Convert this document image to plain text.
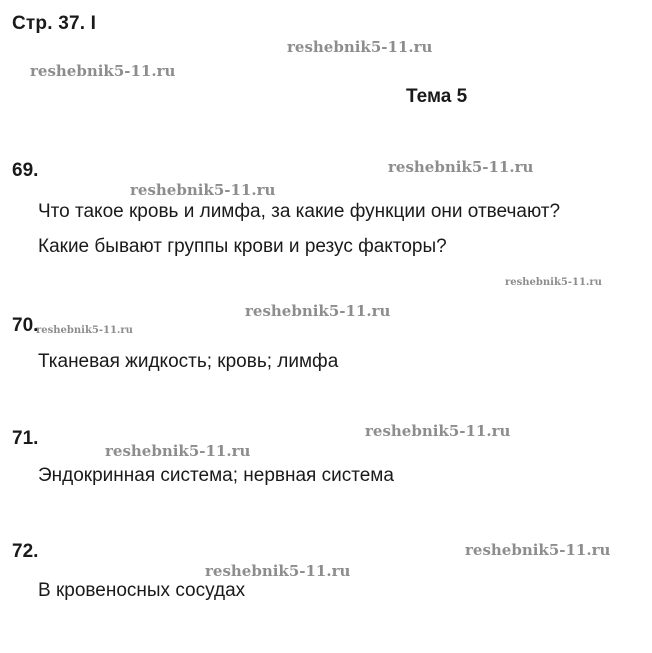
Стр. 37. I
reshebnik5-11.ru
reshebnik5-11.ru
Тема 5
69.	reshebnik5-11.ru
reshebnik5-11.ru
Что такое кровь и лимфа, за какие функции они отвечают?
Какие бывают группы крови и резус факторы?
reshebnik5-11.ru
reshebnik5-11.ru
70.
reshebnik5-11.ru
Тканевая жидкость; кровь; лимфа
reshebnik5-11.ru
71.
reshebnik5-11.ru
Эндокринная система; нервная система
72.	reshebnik5-11.ru
reshebnik5-11.ru
В кровеносных сосудах
